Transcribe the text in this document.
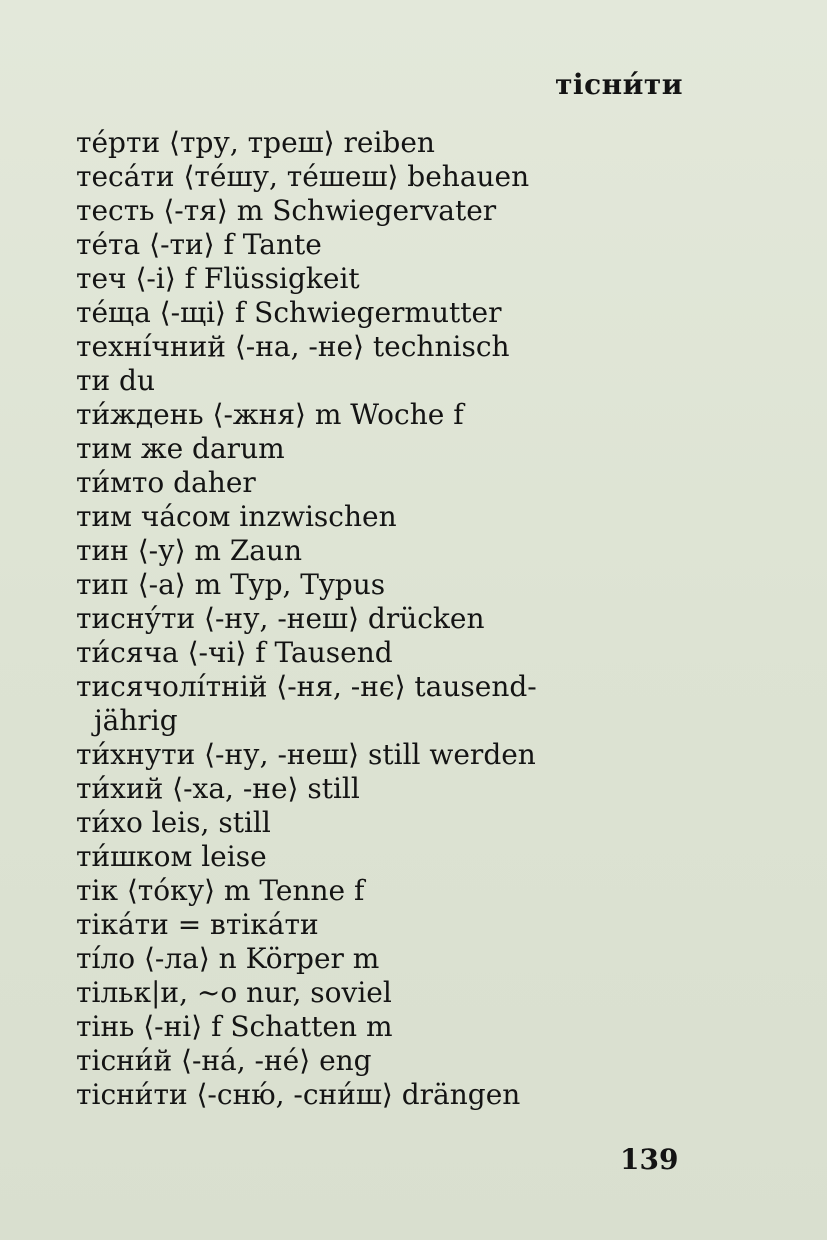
тісни́ти
те́рти ⟨тру, треш⟩ reiben
теса́ти ⟨те́шу, те́шеш⟩ behauen
тесть ⟨-тя⟩ m Schwiegervater
те́та ⟨-ти⟩ f Tante
теч ⟨-і⟩ f Flüssigkeit
те́ща ⟨-щі⟩ f Schwiegermutter
техні́чний ⟨-на, -не⟩ technisch
ти du
ти́ждень ⟨-жня⟩ m Woche f
тим же darum
ти́мто daher
тим ча́сом inzwischen
тин ⟨-у⟩ m Zaun
тип ⟨-а⟩ m Typ, Typus
тисну́ти ⟨-ну, -неш⟩ drücken
ти́сяча ⟨-чі⟩ f Tausend
тисячолі́тній ⟨-ня, -нє⟩ tausend-
jährig
ти́хнути ⟨-ну, -неш⟩ still werden
ти́хий ⟨-ха, -не⟩ still
ти́хо leis, still
ти́шком leise
тік ⟨то́ку⟩ m Tenne f
тіка́ти = втіка́ти
ті́ло ⟨-ла⟩ n Körper m
тільк|и, ~о nur, soviel
тінь ⟨-ні⟩ f Schatten m
тісни́й ⟨-на́, -не́⟩ eng
тісни́ти ⟨-сню́, -сни́ш⟩ drängen
139
